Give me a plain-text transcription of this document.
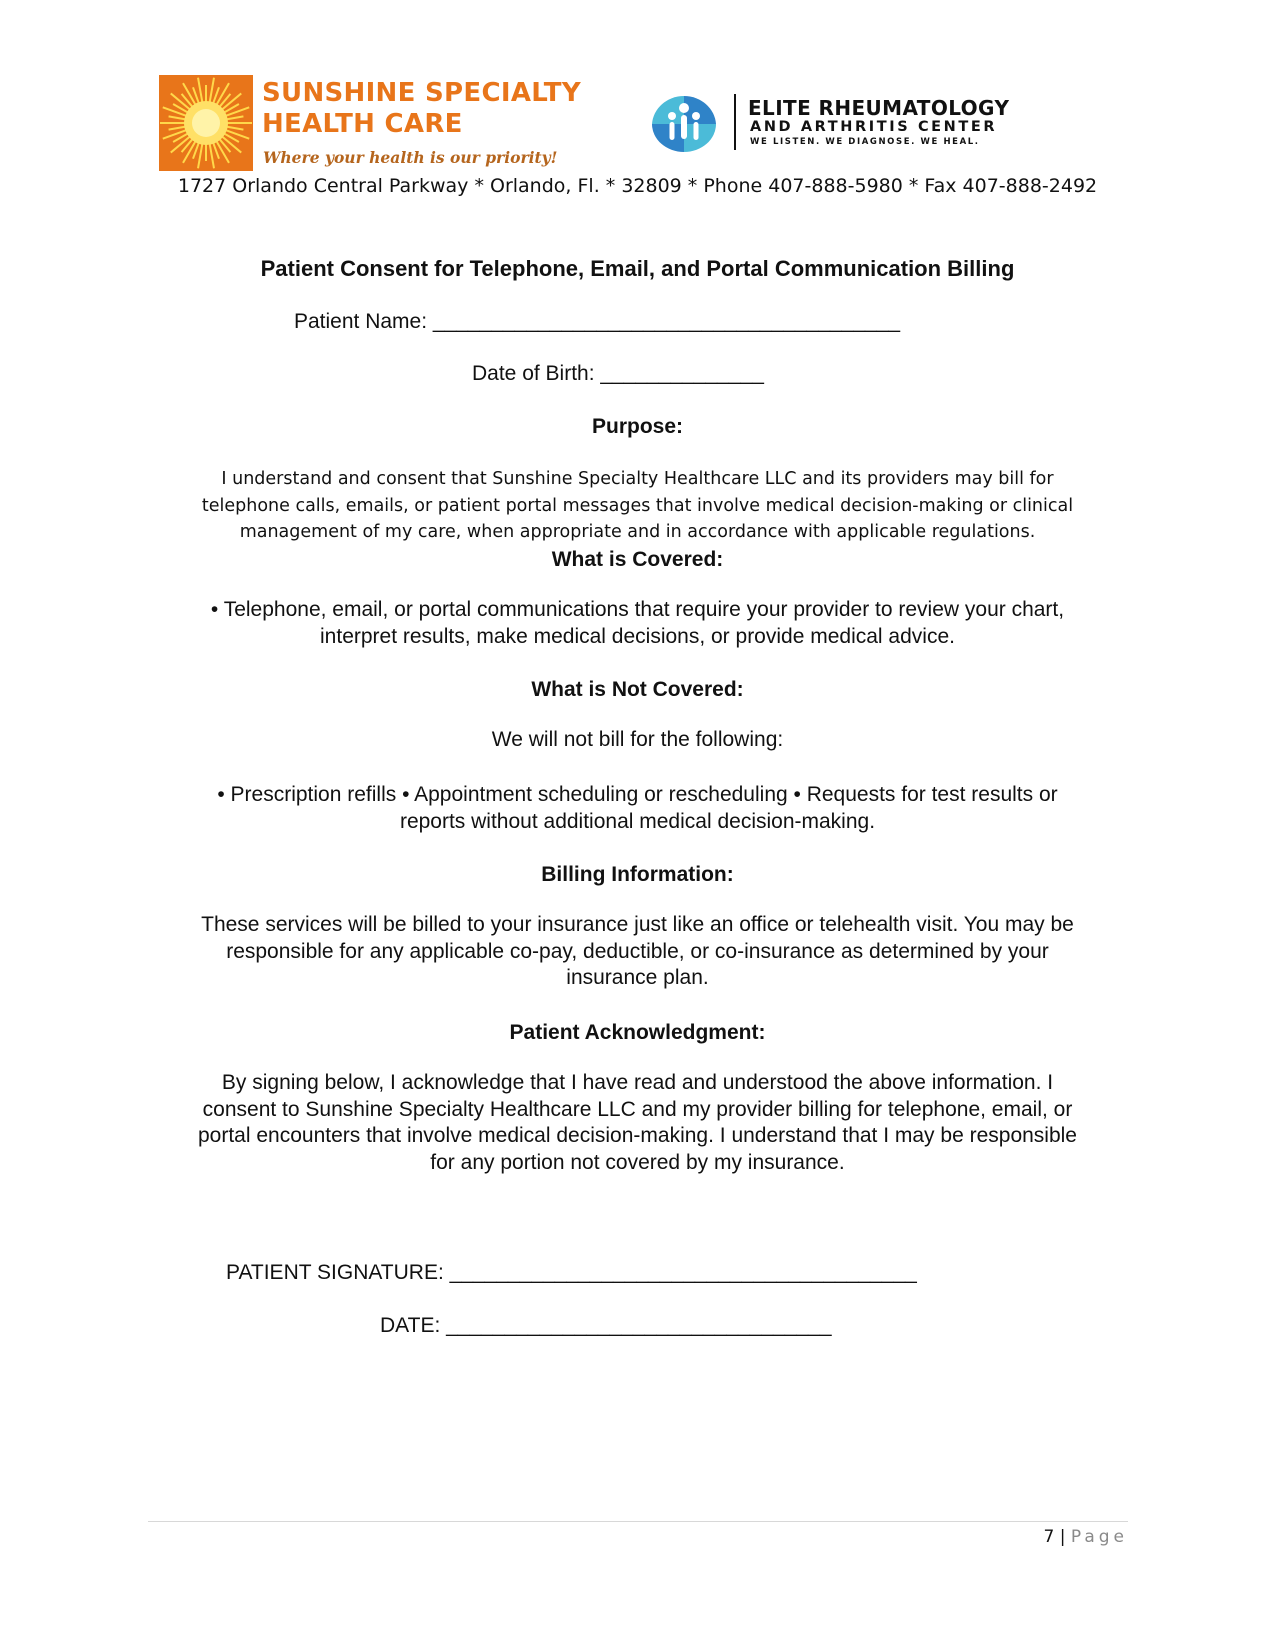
SUNSHINE SPECIALTY
HEALTH CARE
Where your health is our priority!
ELITE RHEUMATOLOGY
AND ARTHRITIS CENTER
WE LISTEN. WE DIAGNOSE. WE HEAL.
1727 Orlando Central Parkway * Orlando, Fl. * 32809 * Phone 407-888-5980 * Fax 407-888-2492
Patient Consent for Telephone, Email, and Portal Communication Billing
Patient Name: ________________________________________
Date of Birth: ______________
Purpose:
I understand and consent that Sunshine Specialty Healthcare LLC and its providers may bill for
telephone calls, emails, or patient portal messages that involve medical decision-making or clinical
management of my care, when appropriate and in accordance with applicable regulations.
What is Covered:
• Telephone, email, or portal communications that require your provider to review your chart,
interpret results, make medical decisions, or provide medical advice.
What is Not Covered:
We will not bill for the following:
• Prescription refills • Appointment scheduling or rescheduling • Requests for test results or
reports without additional medical decision-making.
Billing Information:
These services will be billed to your insurance just like an office or telehealth visit. You may be
responsible for any applicable co-pay, deductible, or co-insurance as determined by your
insurance plan.
Patient Acknowledgment:
By signing below, I acknowledge that I have read and understood the above information. I
consent to Sunshine Specialty Healthcare LLC and my provider billing for telephone, email, or
portal encounters that involve medical decision-making. I understand that I may be responsible
for any portion not covered by my insurance.
PATIENT SIGNATURE: ________________________________________
DATE: _________________________________
7 | Page
